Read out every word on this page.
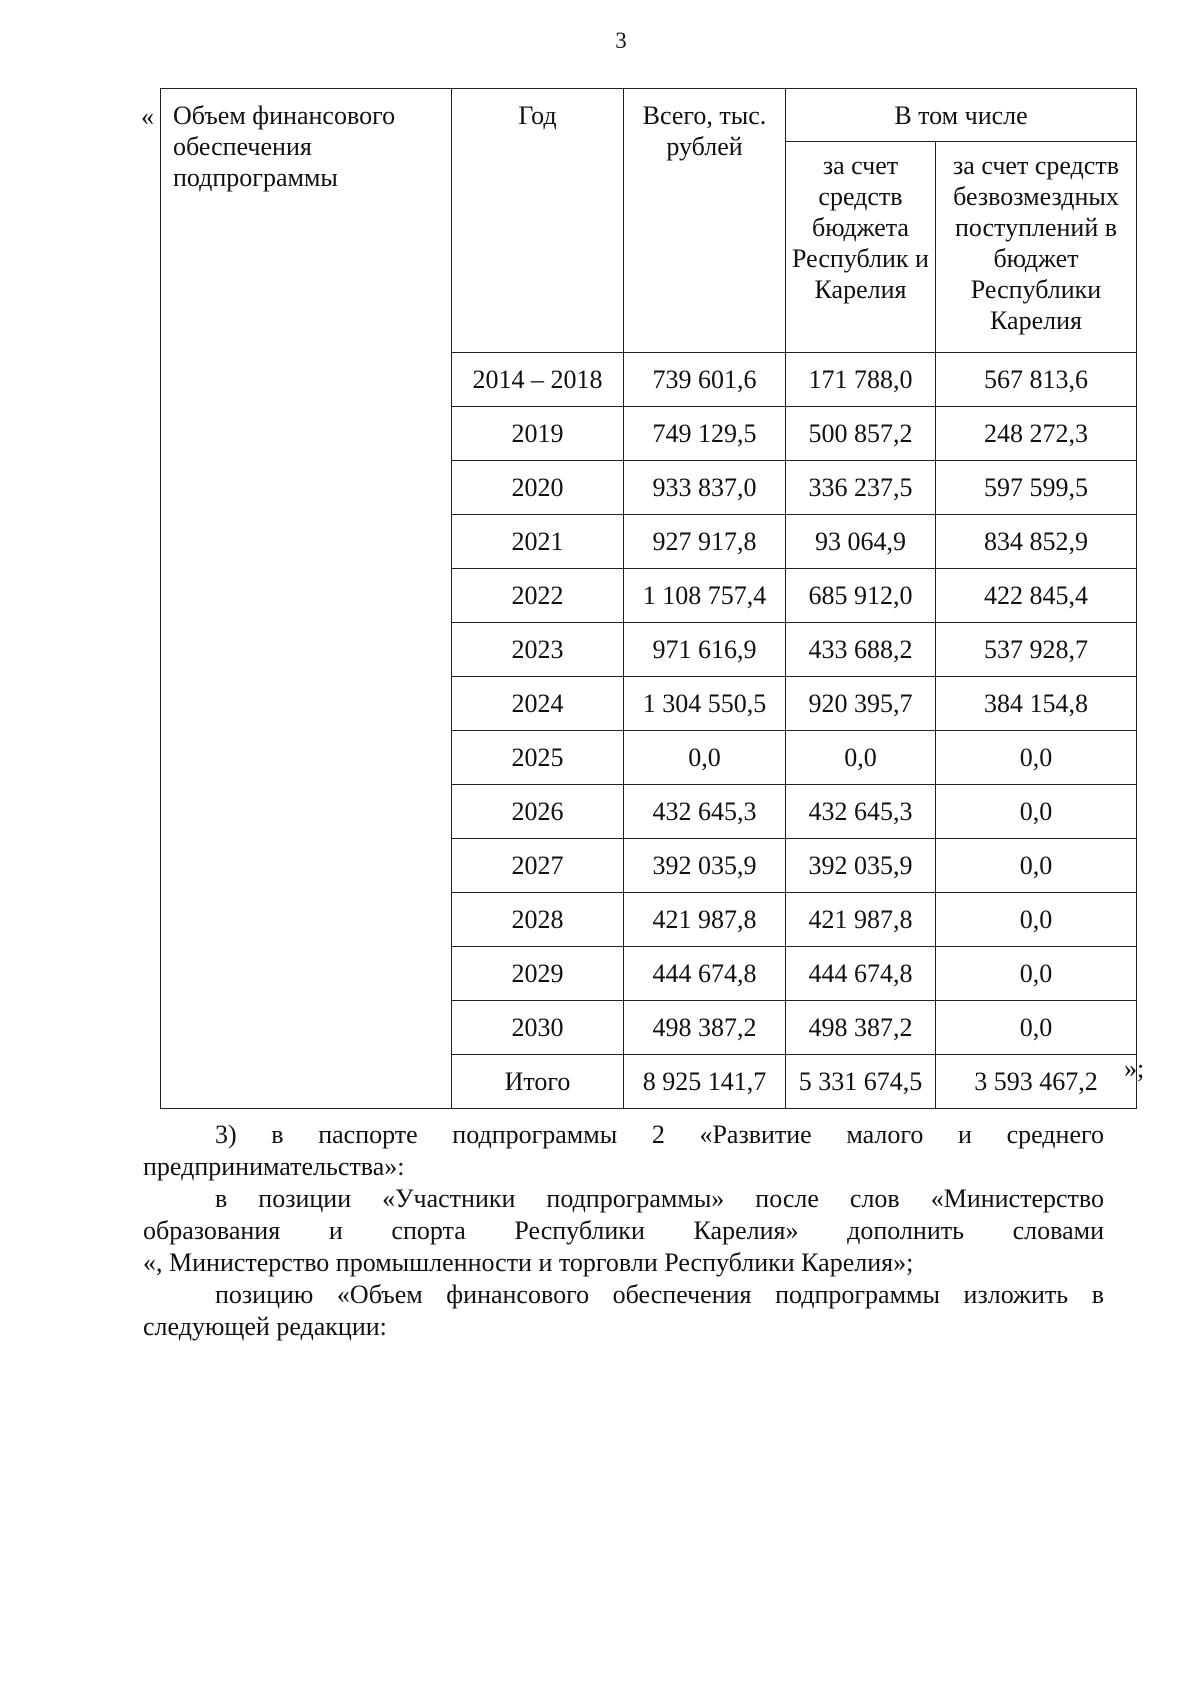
3
« Объем финансового обеспечения подпрограммы	Год	Всего, тыс. рублей	В том числе	
			за счет средств бюджета Республик и Карелия	за счет средств безвозмездных поступлений в бюджет Республики Карелия
	2014 – 2018	739 601,6	171 788,0	567 813,6
	2019	749 129,5	500 857,2	248 272,3
	2020	933 837,0	336 237,5	597 599,5
	2021	927 917,8	93 064,9	834 852,9
	2022	1 108 757,4	685 912,0	422 845,4
	2023	971 616,9	433 688,2	537 928,7
	2024	1 304 550,5	920 395,7	384 154,8
	2025	0,0	0,0	0,0
	2026	432 645,3	432 645,3	0,0
	2027	392 035,9	392 035,9	0,0
	2028	421 987,8	421 987,8	0,0
	2029	444 674,8	444 674,8	0,0
	2030	498 387,2	498 387,2	0,0
	Итого	8 925 141,7	5 331 674,5	3 593 467,2 »;
3) в паспорте подпрограммы 2 «Развитие малого и среднего
предпринимательства»:
в позиции «Участники подпрограммы» после слов «Министерство
образования и спорта Республики Карелия» дополнить словами
«, Министерство промышленности и торговли Республики Карелия»;
позицию «Объем финансового обеспечения подпрограммы изложить в
следующей редакции:
